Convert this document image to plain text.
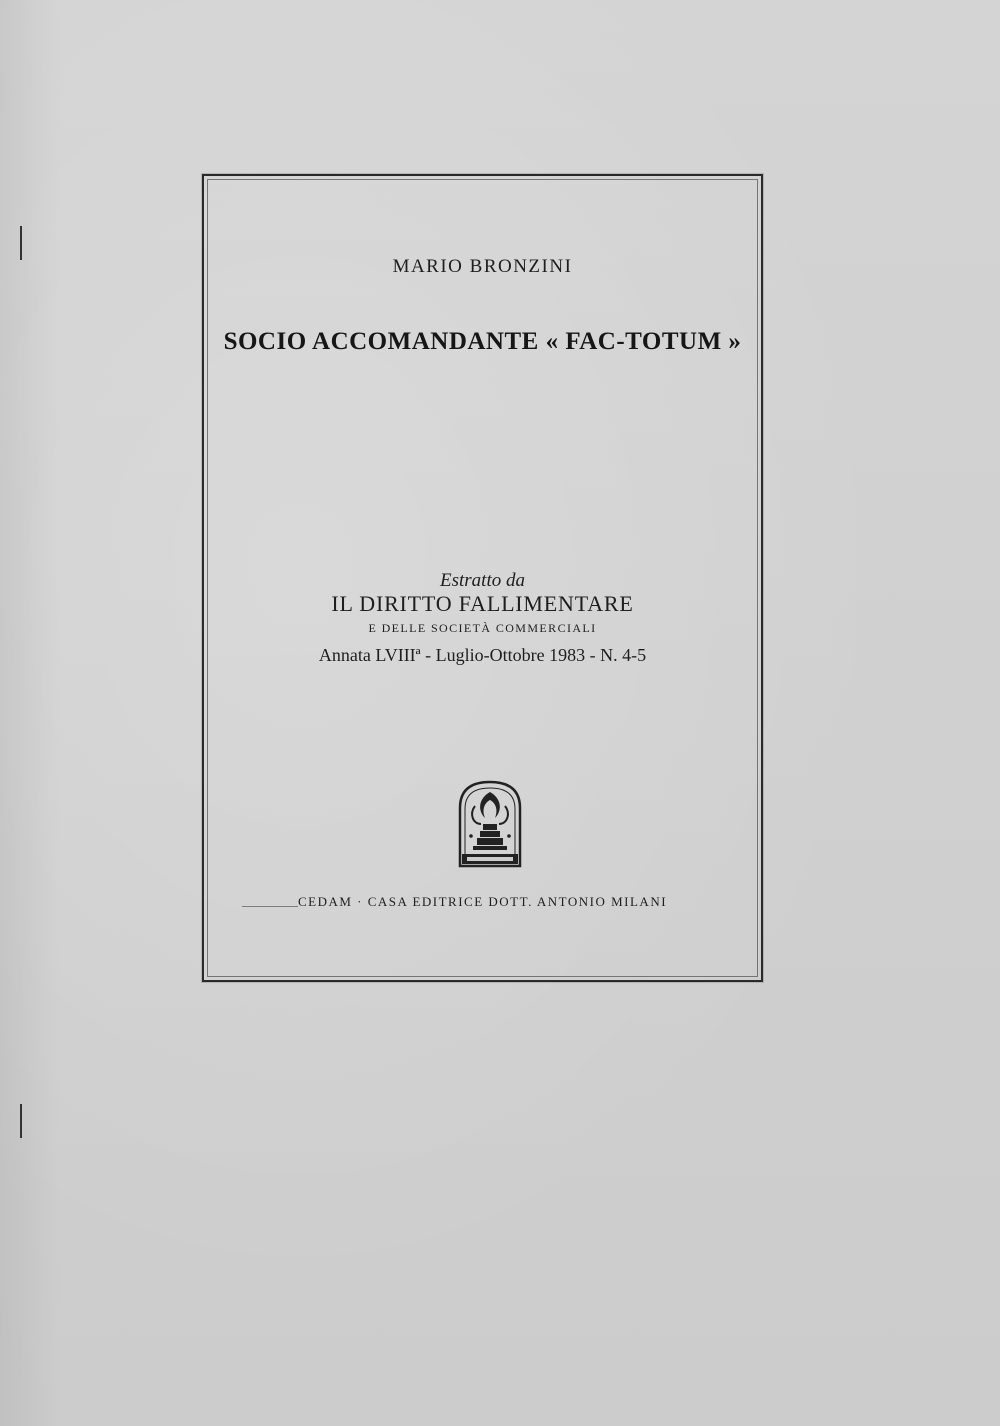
MARIO BRONZINI
SOCIO ACCOMANDANTE « FAC-TOTUM »
Estratto da
IL DIRITTO FALLIMENTARE
E DELLE SOCIETÀ COMMERCIALI
Annata LVIIIª - Luglio-Ottobre 1983 - N. 4-5
CEDAM · CASA EDITRICE DOTT. ANTONIO MILANI
